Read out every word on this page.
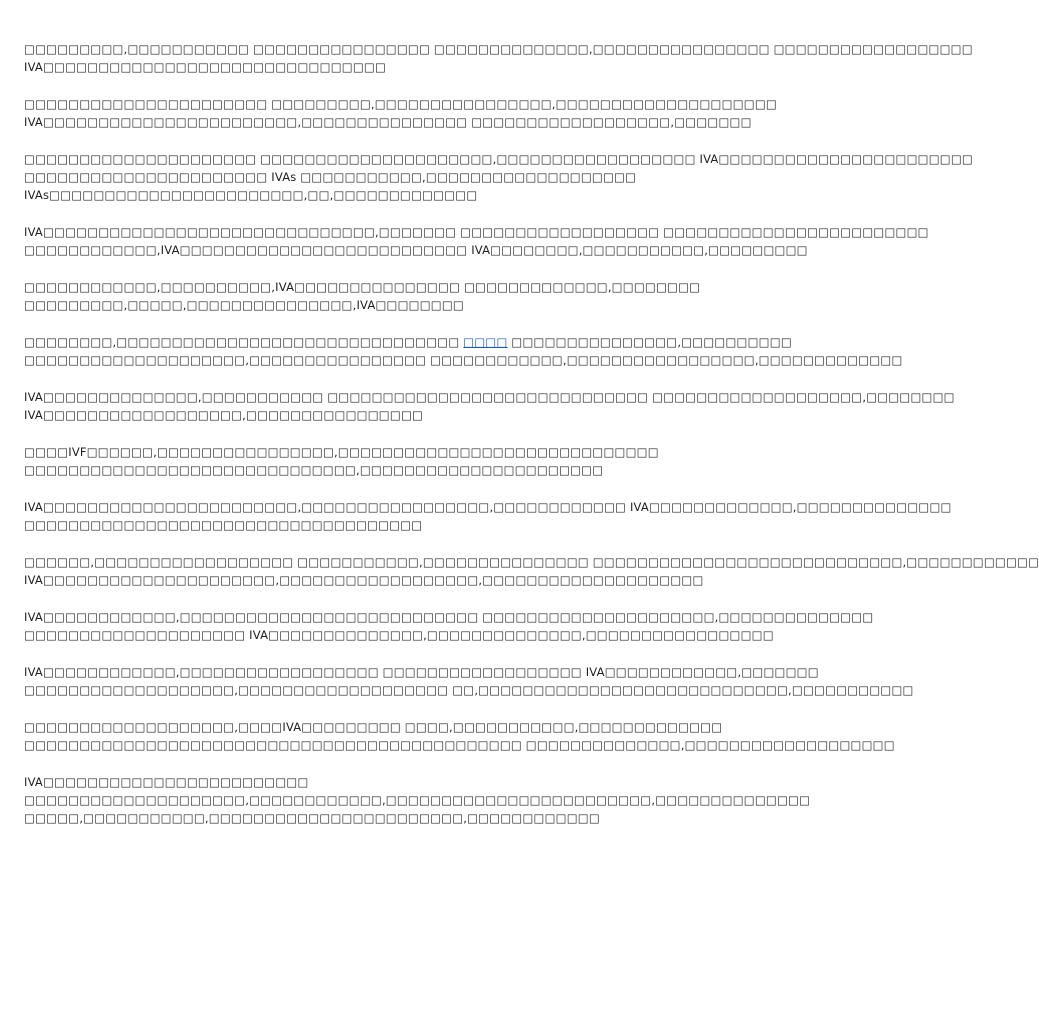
□□□□□□□□□,□□□□□□□□□□□ □□□□□□□□□□□□□□□□ □□□□□□□□□□□□□□,□□□□□□□□□□□□□□□□ □□□□□□□□□□□□□□□□□□
IVA□□□□□□□□□□□□□□□□□□□□□□□□□□□□□□□

□□□□□□□□□□□□□□□□□□□□□□ □□□□□□□□□,□□□□□□□□□□□□□□□□,□□□□□□□□□□□□□□□□□□□□
IVA□□□□□□□□□□□□□□□□□□□□□□□,□□□□□□□□□□□□□□□ □□□□□□□□□□□□□□□□□□,□□□□□□□

□□□□□□□□□□□□□□□□□□□□□ □□□□□□□□□□□□□□□□□□□□□,□□□□□□□□□□□□□□□□□□ IVA□□□□□□□□□□□□□□□□□□□□□□□
□□□□□□□□□□□□□□□□□□□□□□ IVAs □□□□□□□□□□□,□□□□□□□□□□□□□□□□□□□
IVAs□□□□□□□□□□□□□□□□□□□□□□□,□□,□□□□□□□□□□□□□

IVA□□□□□□□□□□□□□□□□□□□□□□□□□□□□□□,□□□□□□□ □□□□□□□□□□□□□□□□□□ □□□□□□□□□□□□□□□□□□□□□□□□
□□□□□□□□□□□□,IVA□□□□□□□□□□□□□□□□□□□□□□□□□□ IVA□□□□□□□□,□□□□□□□□□□□,□□□□□□□□□

□□□□□□□□□□□□,□□□□□□□□□□,IVA□□□□□□□□□□□□□□□ □□□□□□□□□□□□□,□□□□□□□□
□□□□□□□□□,□□□□□,□□□□□□□□□□□□□□□,IVA□□□□□□□□

□□□□□□□□,□□□□□□□□□□□□□□□□□□□□□□□□□□□□□□□ □□□□ □□□□□□□□□□□□□□□,□□□□□□□□□□
□□□□□□□□□□□□□□□□□□□□,□□□□□□□□□□□□□□□□ □□□□□□□□□□□□,□□□□□□□□□□□□□□□□□,□□□□□□□□□□□□□

IVA□□□□□□□□□□□□□□,□□□□□□□□□□□ □□□□□□□□□□□□□□□□□□□□□□□□□□□□□ □□□□□□□□□□□□□□□□□□□,□□□□□□□□
IVA□□□□□□□□□□□□□□□□□□,□□□□□□□□□□□□□□□□

□□□□IVF□□□□□□,□□□□□□□□□□□□□□□□,□□□□□□□□□□□□□□□□□□□□□□□□□□□□□
□□□□□□□□□□□□□□□□□□□□□□□□□□□□□□,□□□□□□□□□□□□□□□□□□□□□□

IVA□□□□□□□□□□□□□□□□□□□□□□□,□□□□□□□□□□□□□□□□□,□□□□□□□□□□□□ IVA□□□□□□□□□□□□□,□□□□□□□□□□□□□□
□□□□□□□□□□□□□□□□□□□□□□□□□□□□□□□□□□□□

□□□□□□,□□□□□□□□□□□□□□□□□□ □□□□□□□□□□□,□□□□□□□□□□□□□□□ □□□□□□□□□□□□□□□□□□□□□□□□□□□□,□□□□□□□□□□□□
IVA□□□□□□□□□□□□□□□□□□□□□,□□□□□□□□□□□□□□□□□□,□□□□□□□□□□□□□□□□□□□□

IVA□□□□□□□□□□□□,□□□□□□□□□□□□□□□□□□□□□□□□□□□ □□□□□□□□□□□□□□□□□□□□□,□□□□□□□□□□□□□□
□□□□□□□□□□□□□□□□□□□□ IVA□□□□□□□□□□□□□□,□□□□□□□□□□□□□□,□□□□□□□□□□□□□□□□□

IVA□□□□□□□□□□□□,□□□□□□□□□□□□□□□□□□ □□□□□□□□□□□□□□□□□□ IVA□□□□□□□□□□□□,□□□□□□□
□□□□□□□□□□□□□□□□□□□,□□□□□□□□□□□□□□□□□□□ □□,□□□□□□□□□□□□□□□□□□□□□□□□□□□□,□□□□□□□□□□□

□□□□□□□□□□□□□□□□□□□,□□□□IVA□□□□□□□□□ □□□□,□□□□□□□□□□□,□□□□□□□□□□□□□
□□□□□□□□□□□□□□□□□□□□□□□□□□□□□□□□□□□□□□□□□□□□□ □□□□□□□□□□□□□□,□□□□□□□□□□□□□□□□□□□

IVA□□□□□□□□□□□□□□□□□□□□□□□□
□□□□□□□□□□□□□□□□□□□□,□□□□□□□□□□□□,□□□□□□□□□□□□□□□□□□□□□□□□,□□□□□□□□□□□□□□
□□□□□,□□□□□□□□□□□,□□□□□□□□□□□□□□□□□□□□□□□,□□□□□□□□□□□□
